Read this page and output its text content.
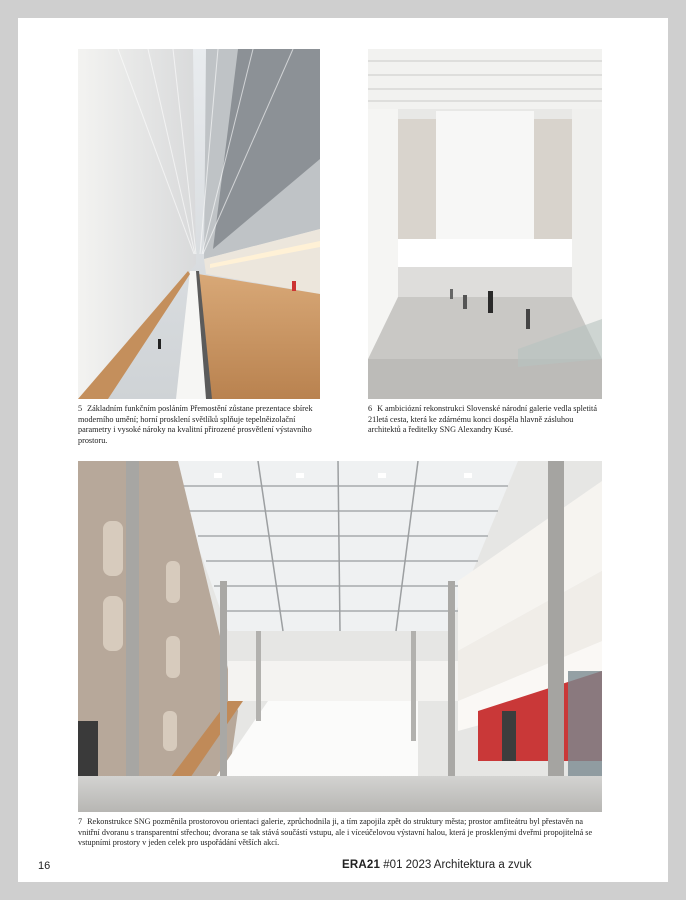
5 Základním funkčním posláním Přemostění zůstane prezentace sbírek moderního umění; horní prosklení světlíků splňuje tepelněizolační parametry i vysoké nároky na kvalitní přirozené prosvětlení výstavního prostoru.
6 K ambiciózní rekonstrukci Slovenské národní galerie vedla spletitá 21letá cesta, která ke zdárnému konci dospěla hlavně zásluhou architektů a ředitelky SNG Alexandry Kusé.
7 Rekonstrukce SNG pozměnila prostorovou orientaci galerie, zprůchodnila ji, a tím zapojila zpět do struktury města; prostor amfiteátru byl přestavěn na vnitřní dvoranu s transparentní střechou; dvorana se tak stává součástí vstupu, ale i víceúčelovou výstavní halou, která je prosklenými dveřmi propojitelná se vstupními prostory v jeden celek pro uspořádání větších akcí.
16	ERA21 #01 2023 Architektura a zvuk
